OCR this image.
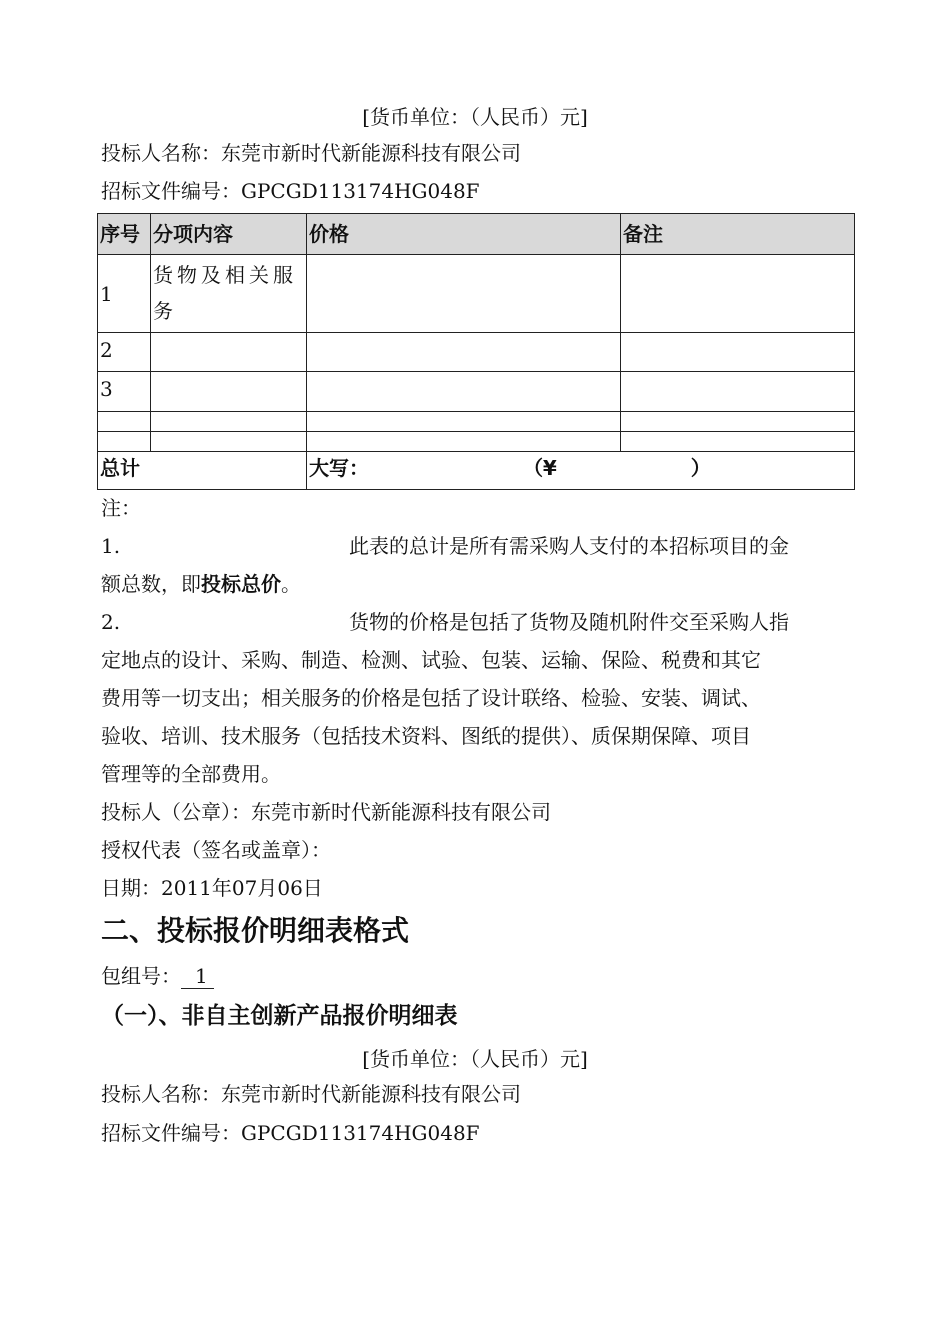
[货币单位：（人民币）元]
投标人名称：东莞市新时代新能源科技有限公司
招标文件编号：GPCGD113174HG048F
序号	分项内容	价格	备注
1	货物及相关服务		
2			
3			

总计		大写： （¥ ）	
注：
1.	此表的总计是所有需采购人支付的本招标项目的金
额总数，即投标总价。
2.	货物的价格是包括了货物及随机附件交至采购人指
定地点的设计、采购、制造、检测、试验、包装、运输、保险、税费和其它
费用等一切支出；相关服务的价格是包括了设计联络、检验、安装、调试、
验收、培训、技术服务（包括技术资料、图纸的提供）、质保期保障、项目
管理等的全部费用。
投标人（公章）：东莞市新时代新能源科技有限公司
授权代表（签名或盖章）：
日期：2011年07月06日
二、投标报价明细表格式
包组号： 1
（一）、非自主创新产品报价明细表
[货币单位：（人民币）元]
投标人名称：东莞市新时代新能源科技有限公司
招标文件编号：GPCGD113174HG048F
